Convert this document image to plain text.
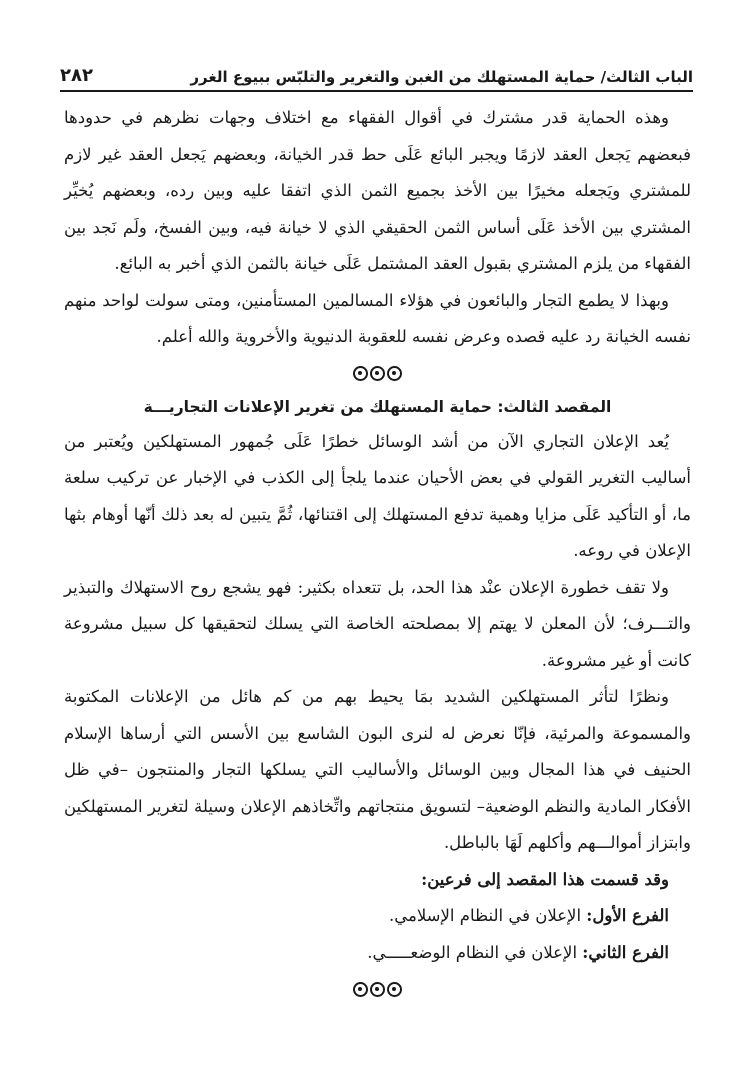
الباب الثالث/ حماية المستهلك من الغبن والتغرير والتلبّس ببيوع الغرر
٢٨٢

وهذه الحماية قدر مشترك في أقوال الفقهاء مع اختلاف وجهات نظرهم في حدودها فبعضهم يَجعل العقد لازمًا ويجبر البائع عَلَى حط قدر الخيانة، وبعضهم يَجعل العقد غير لازم للمشتري ويَجعله مخيرًا بين الأخذ بجميع الثمن الذي اتفقا عليه وبين رده، وبعضهم يُخيِّر المشتري بين الأخذ عَلَى أساس الثمن الحقيقي الذي لا خيانة فيه، وبين الفسخ، ولَم نَجد بين الفقهاء من يلزم المشتري بقبول العقد المشتمل عَلَى خيانة بالثمن الذي أخبر به البائع.

وبهذا لا يطمع التجار والبائعون في هؤلاء المسالمين المستأمنين، ومتى سولت لواحد منهم نفسه الخيانة رد عليه قصده وعرض نفسه للعقوبة الدنيوية والأخروية والله أعلم.

المقصد الثالث: حماية المستهلك من تغرير الإعلانات التجاريـــة

يُعد الإعلان التجاري الآن من أشد الوسائل خطرًا عَلَى جُمهور المستهلكين ويُعتبر من أساليب التغرير القولي في بعض الأحيان عندما يلجأ إلى الكذب في الإخبار عن تركيب سلعة ما، أو التأكيد عَلَى مزايا وهمية تدفع المستهلك إلى اقتنائها، ثُمَّ يتبين له بعد ذلك أنّها أوهام بثها الإعلان في روعه.

ولا تقف خطورة الإعلان عنْد هذا الحد، بل تتعداه بكثير: فهو يشجع روح الاستهلاك والتبذير والتـــرف؛ لأن المعلن لا يهتم إلا بمصلحته الخاصة التي يسلك لتحقيقها كل سبيل مشروعة كانت أو غير مشروعة.

ونظرًا لتأثر المستهلكين الشديد بمَا يحيط بهم من كم هائل من الإعلانات المكتوبة والمسموعة والمرئية، فإنّا نعرض له لنرى البون الشاسع بين الأسس التي أرساها الإسلام الحنيف في هذا المجال وبين الوسائل والأساليب التي يسلكها التجار والمنتجون –في ظل الأفكار المادية والنظم الوضعية– لتسويق منتجاتهم واتِّخاذهم الإعلان وسيلة لتغرير المستهلكين وابتزاز أموالـــهم وأكلهم لَهَا بالباطل.

وقد قسمت هذا المقصد إلى فرعين:

الفرع الأول: الإعلان في النظام الإسلامي.

الفرع الثاني: الإعلان في النظام الوضعـــــي.
